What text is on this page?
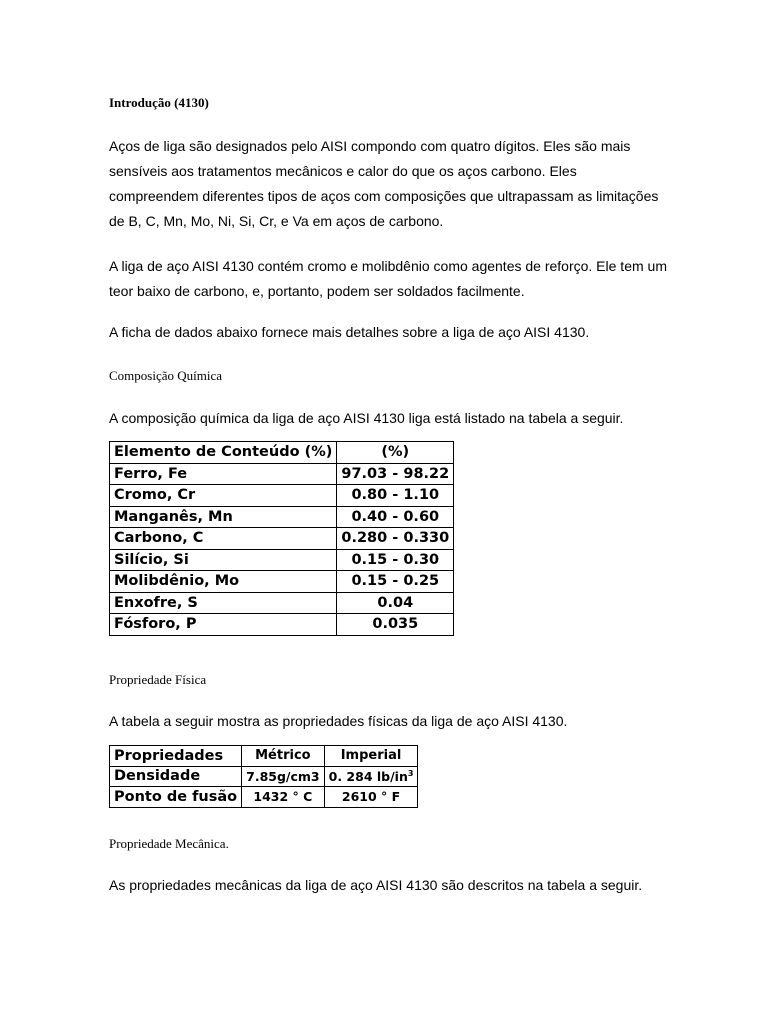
Introdução (4130)

Aços de liga são designados pelo AISI compondo com quatro dígitos. Eles são mais sensíveis aos tratamentos mecânicos e calor do que os aços carbono. Eles compreendem diferentes tipos de aços com composições que ultrapassam as limitações de B, C, Mn, Mo, Ni, Si, Cr, e Va em aços de carbono.

A liga de aço AISI 4130 contém cromo e molibdênio como agentes de reforço. Ele tem um teor baixo de carbono, e, portanto, podem ser soldados facilmente.

A ficha de dados abaixo fornece mais detalhes sobre a liga de aço AISI 4130.

Composição Química

A composição química da liga de aço AISI 4130 liga está listado na tabela a seguir.

Elemento de Conteúdo (%)	(%)
Ferro, Fe	97.03 - 98.22
Cromo, Cr	0.80 - 1.10
Manganês, Mn	0.40 - 0.60
Carbono, C	0.280 - 0.330
Silício, Si	0.15 - 0.30
Molibdênio, Mo	0.15 - 0.25
Enxofre, S	0.04
Fósforo, P	0.035
Propriedade Física

A tabela a seguir mostra as propriedades físicas da liga de aço AISI 4130.

Propriedades	Métrico	Imperial
Densidade	7.85g/cm3	0. 284 $lb/in^3$
Ponto de fusão	1432 ° C	2610 ° F
Propriedade Mecânica.

As propriedades mecânicas da liga de aço AISI 4130 são descritos na tabela a seguir.
